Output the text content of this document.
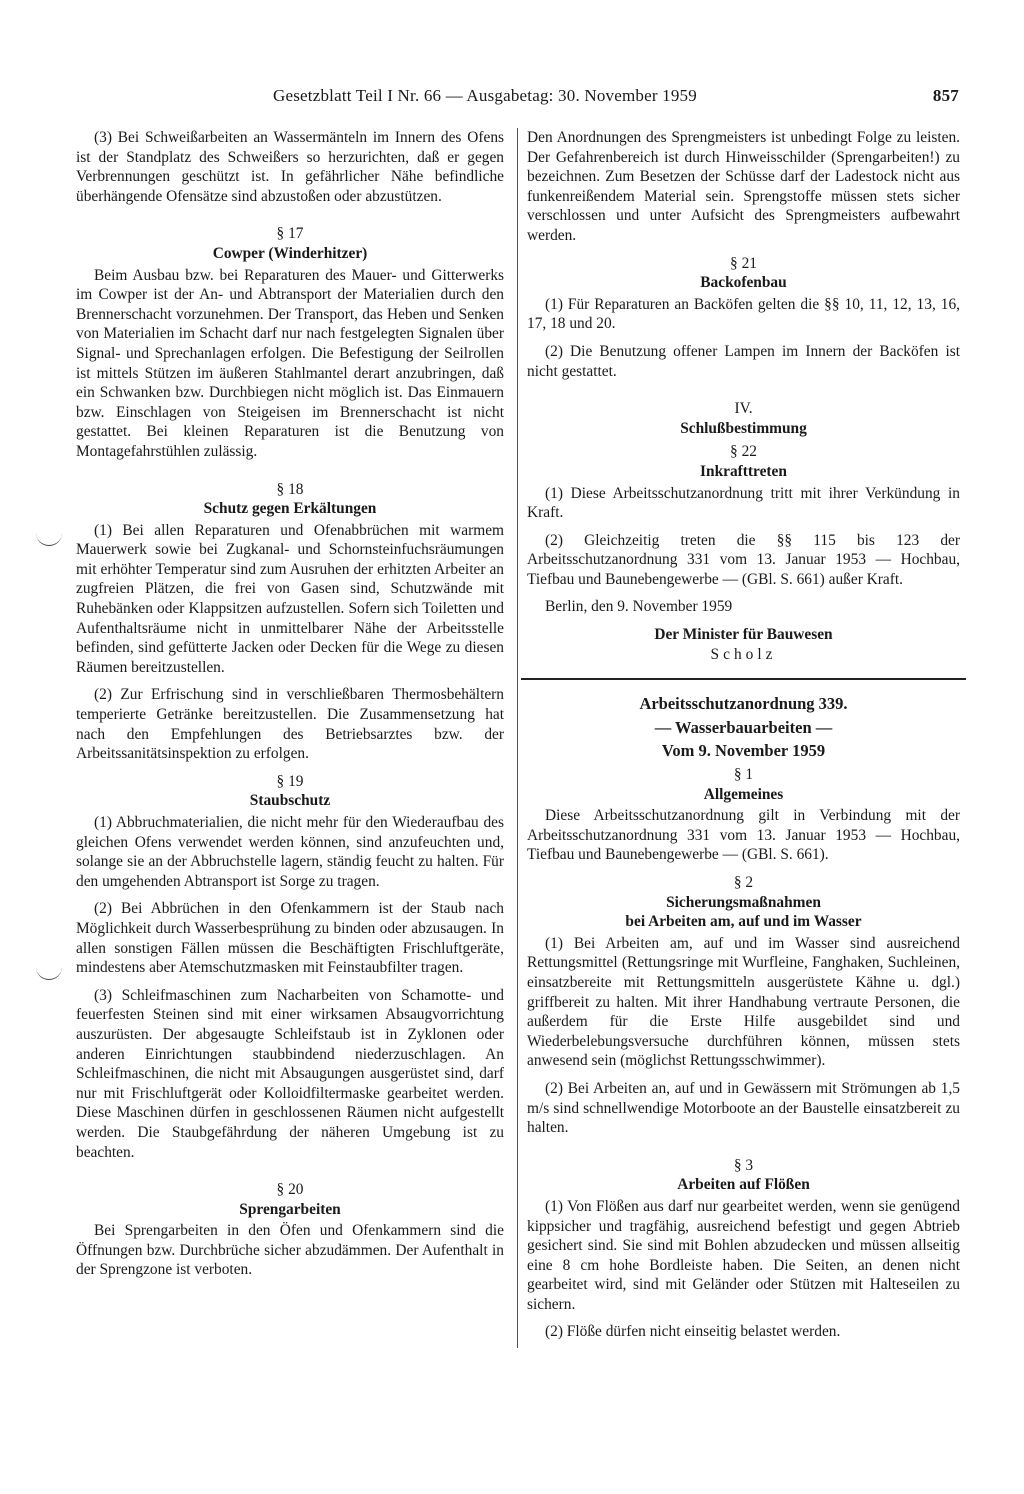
Gesetzblatt Teil I Nr. 66 — Ausgabetag: 30. November 1959	857

(3) Bei Schweißarbeiten an Wassermänteln im Innern des Ofens ist der Standplatz des Schweißers so herzurichten, daß er gegen Verbrennungen geschützt ist. In gefährlicher Nähe befindliche überhängende Ofensätze sind abzustoßen oder abzustützen.

§ 17
Cowper (Winderhitzer)

Beim Ausbau bzw. bei Reparaturen des Mauer- und Gitterwerks im Cowper ist der An- und Abtransport der Materialien durch den Brennerschacht vorzunehmen. Der Transport, das Heben und Senken von Materialien im Schacht darf nur nach festgelegten Signalen über Signal- und Sprechanlagen erfolgen. Die Befestigung der Seilrollen ist mittels Stützen im äußeren Stahlmantel derart anzubringen, daß ein Schwanken bzw. Durchbiegen nicht möglich ist. Das Einmauern bzw. Einschlagen von Steigeisen im Brennerschacht ist nicht gestattet. Bei kleinen Reparaturen ist die Benutzung von Montagefahrstühlen zulässig.

§ 18
Schutz gegen Erkältungen

(1) Bei allen Reparaturen und Ofenabbrüchen mit warmem Mauerwerk sowie bei Zugkanal- und Schornsteinfuchsräumungen mit erhöhter Temperatur sind zum Ausruhen der erhitzten Arbeiter an zugfreien Plätzen, die frei von Gasen sind, Schutzwände mit Ruhebänken oder Klappsitzen aufzustellen. Sofern sich Toiletten und Aufenthaltsräume nicht in unmittelbarer Nähe der Arbeitsstelle befinden, sind gefütterte Jacken oder Decken für die Wege zu diesen Räumen bereitzustellen.

(2) Zur Erfrischung sind in verschließbaren Thermosbehältern temperierte Getränke bereitzustellen. Die Zusammensetzung hat nach den Empfehlungen des Betriebsarztes bzw. der Arbeitssanitätsinspektion zu erfolgen.

§ 19
Staubschutz

(1) Abbruchmaterialien, die nicht mehr für den Wiederaufbau des gleichen Ofens verwendet werden können, sind anzufeuchten und, solange sie an der Abbruchstelle lagern, ständig feucht zu halten. Für den umgehenden Abtransport ist Sorge zu tragen.

(2) Bei Abbrüchen in den Ofenkammern ist der Staub nach Möglichkeit durch Wasserbesprühung zu binden oder abzusaugen. In allen sonstigen Fällen müssen die Beschäftigten Frischluftgeräte, mindestens aber Atemschutzmasken mit Feinstaubfilter tragen.

(3) Schleifmaschinen zum Nacharbeiten von Schamotte- und feuerfesten Steinen sind mit einer wirksamen Absaugvorrichtung auszurüsten. Der abgesaugte Schleifstaub ist in Zyklonen oder anderen Einrichtungen staubbindend niederzuschlagen. An Schleifmaschinen, die nicht mit Absaugungen ausgerüstet sind, darf nur mit Frischluftgerät oder Kolloidfiltermaske gearbeitet werden. Diese Maschinen dürfen in geschlossenen Räumen nicht aufgestellt werden. Die Staubgefährdung der näheren Umgebung ist zu beachten.

§ 20
Sprengarbeiten

Bei Sprengarbeiten in den Öfen und Ofenkammern sind die Öffnungen bzw. Durchbrüche sicher abzudämmen. Der Aufenthalt in der Sprengzone ist verboten.

Den Anordnungen des Sprengmeisters ist unbedingt Folge zu leisten. Der Gefahrenbereich ist durch Hinweisschilder (Sprengarbeiten!) zu bezeichnen. Zum Besetzen der Schüsse darf der Ladestock nicht aus funkenreißendem Material sein. Sprengstoffe müssen stets sicher verschlossen und unter Aufsicht des Sprengmeisters aufbewahrt werden.

§ 21
Backofenbau

(1) Für Reparaturen an Backöfen gelten die §§ 10, 11, 12, 13, 16, 17, 18 und 20.

(2) Die Benutzung offener Lampen im Innern der Backöfen ist nicht gestattet.

IV.
Schlußbestimmung
§ 22
Inkrafttreten

(1) Diese Arbeitsschutzanordnung tritt mit ihrer Verkündung in Kraft.

(2) Gleichzeitig treten die §§ 115 bis 123 der Arbeitsschutzanordnung 331 vom 13. Januar 1953 — Hochbau, Tiefbau und Baunebengewerbe — (GBl. S. 661) außer Kraft.

Berlin, den 9. November 1959

Der Minister für Bauwesen
Scholz
Arbeitsschutzanordnung 339.
— Wasserbauarbeiten —
Vom 9. November 1959
§ 1
Allgemeines

Diese Arbeitsschutzanordnung gilt in Verbindung mit der Arbeitsschutzanordnung 331 vom 13. Januar 1953 — Hochbau, Tiefbau und Baunebengewerbe — (GBl. S. 661).

§ 2
Sicherungsmaßnahmen
bei Arbeiten am, auf und im Wasser

(1) Bei Arbeiten am, auf und im Wasser sind ausreichend Rettungsmittel (Rettungsringe mit Wurfleine, Fanghaken, Suchleinen, einsatzbereite mit Rettungsmitteln ausgerüstete Kähne u. dgl.) griffbereit zu halten. Mit ihrer Handhabung vertraute Personen, die außerdem für die Erste Hilfe ausgebildet sind und Wiederbelebungsversuche durchführen können, müssen stets anwesend sein (möglichst Rettungsschwimmer).

(2) Bei Arbeiten an, auf und in Gewässern mit Strömungen ab 1,5 m/s sind schnellwendige Motorboote an der Baustelle einsatzbereit zu halten.

§ 3
Arbeiten auf Flößen

(1) Von Flößen aus darf nur gearbeitet werden, wenn sie genügend kippsicher und tragfähig, ausreichend befestigt und gegen Abtrieb gesichert sind. Sie sind mit Bohlen abzudecken und müssen allseitig eine 8 cm hohe Bordleiste haben. Die Seiten, an denen nicht gearbeitet wird, sind mit Geländer oder Stützen mit Halteseilen zu sichern.

(2) Flöße dürfen nicht einseitig belastet werden.
